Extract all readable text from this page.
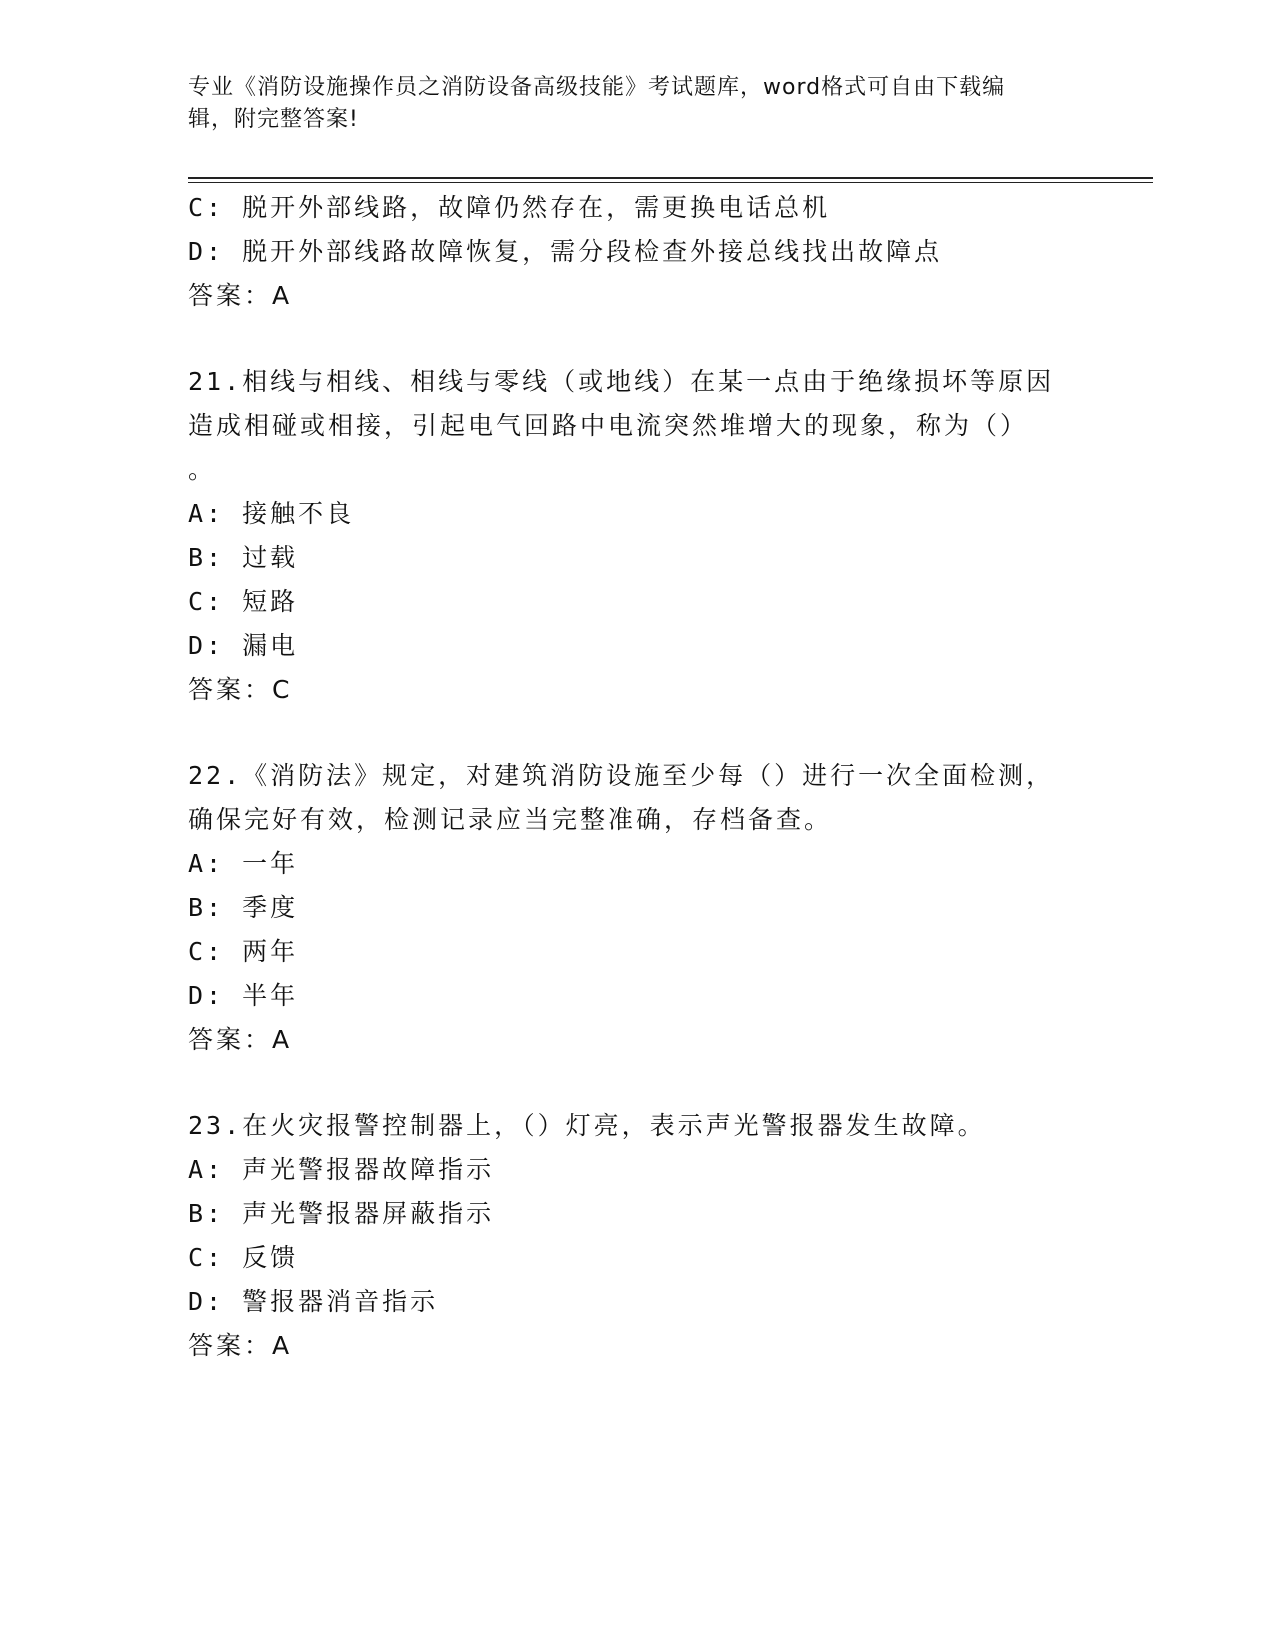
专业《消防设施操作员之消防设备高级技能》考试题库，word格式可自由下载编
辑，附完整答案!
C: 脱开外部线路，故障仍然存在，需更换电话总机
D: 脱开外部线路故障恢复，需分段检查外接总线找出故障点
答案：A
21.相线与相线、相线与零线（或地线）在某一点由于绝缘损坏等原因
造成相碰或相接，引起电气回路中电流突然堆增大的现象，称为（）
。
A: 接触不良
B: 过载
C: 短路
D: 漏电
答案：C
22.《消防法》规定，对建筑消防设施至少每（）进行一次全面检测，
确保完好有效，检测记录应当完整准确，存档备查。
A: 一年
B: 季度
C: 两年
D: 半年
答案：A
23.在火灾报警控制器上，（）灯亮，表示声光警报器发生故障。
A: 声光警报器故障指示
B: 声光警报器屏蔽指示
C: 反馈
D: 警报器消音指示
答案：A
